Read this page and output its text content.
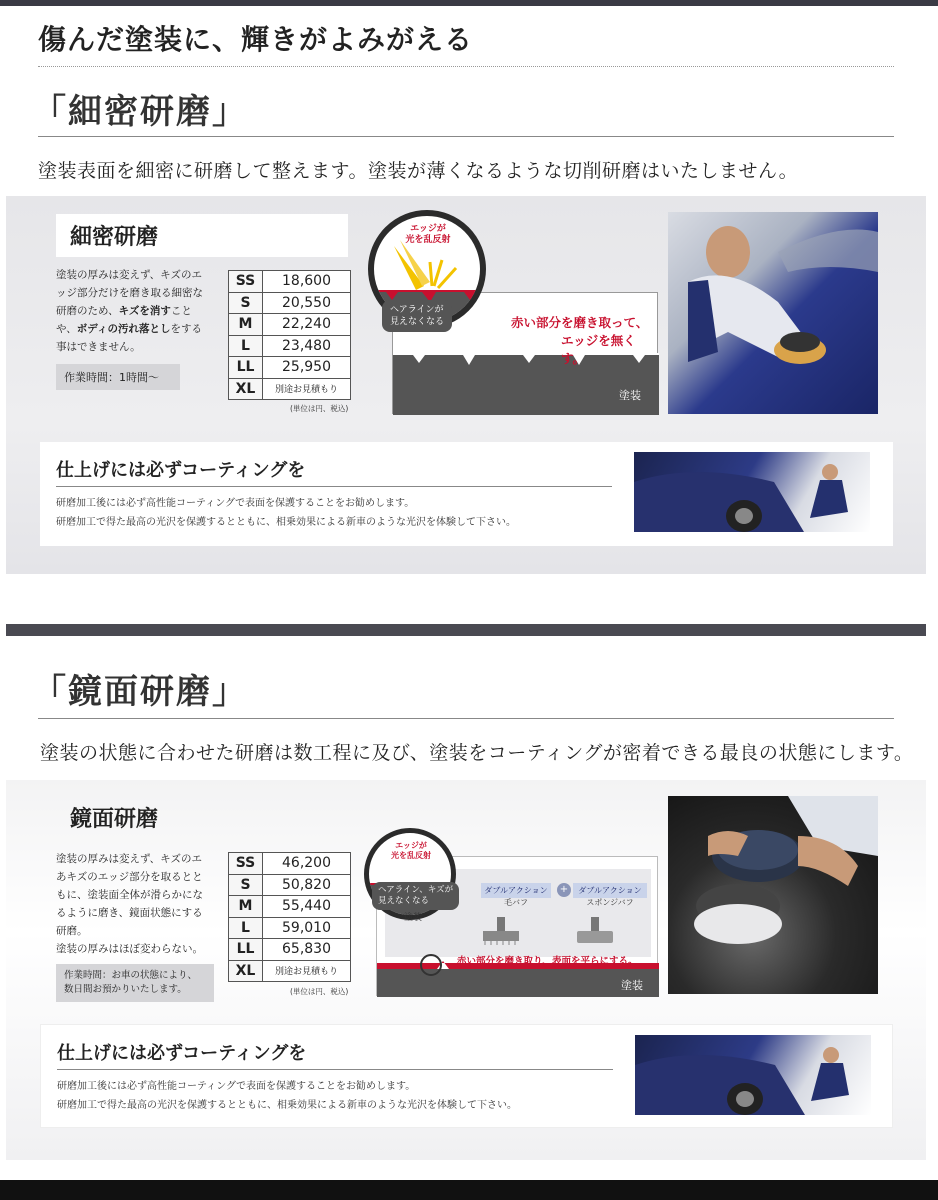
傷んだ塗装に、輝きがよみがえる
「細密研磨」
塗装表面を細密に研磨して整えます。塗装が薄くなるような切削研磨はいたしません。
細密研磨
塗装の厚みは変えず、キズのエ
ッジ部分だけを磨き取る細密な
研磨のため、キズを消すこと
や、ボディの汚れ落としをする
事はできません。
作業時間：1時間〜
SS	18,600
S	20,550
M	22,240
L	23,480
LL	25,950
XL	別途お見積もり
(単位は円、税込)
赤い部分を磨き取って、
エッジを無くす。
塗装
エッジが
光を乱反射
ヘアラインが
見えなくなる
仕上げには必ずコーティングを
研磨加工後には必ず高性能コーティングで表面を保護することをお勧めします。
研磨加工で得た最高の光沢を保護するとともに、相乗効果による新車のような光沢を体験して下さい。
「鏡面研磨」
塗装の状態に合わせた研磨は数工程に及び、塗装をコーティングが密着できる最良の状態にします。
鏡面研磨
塗装の厚みは変えず、キズのエ
あキズのエッジ部分を取るとと
もに、塗装面全体が滑らかにな
るように磨き、鏡面状態にする
研磨。
塗装の厚みはほぼ変わらない。
作業時間：お車の状態により、
数日間お預かりいたします。
SS	46,200
S	50,820
M	55,440
L	59,010
LL	65,830
XL	別途お見積もり
(単位は円、税込)
ダブルアクション
毛バフ
+	ダブルアクション
スポンジバフ
赤い部分を磨き取り、表面を平らにする。
塗装
エッジが
光を乱反射
ヘアライン、キズが
見えなくなる
塗装
仕上げには必ずコーティングを
研磨加工後には必ず高性能コーティングで表面を保護することをお勧めします。
研磨加工で得た最高の光沢を保護するとともに、相乗効果による新車のような光沢を体験して下さい。
